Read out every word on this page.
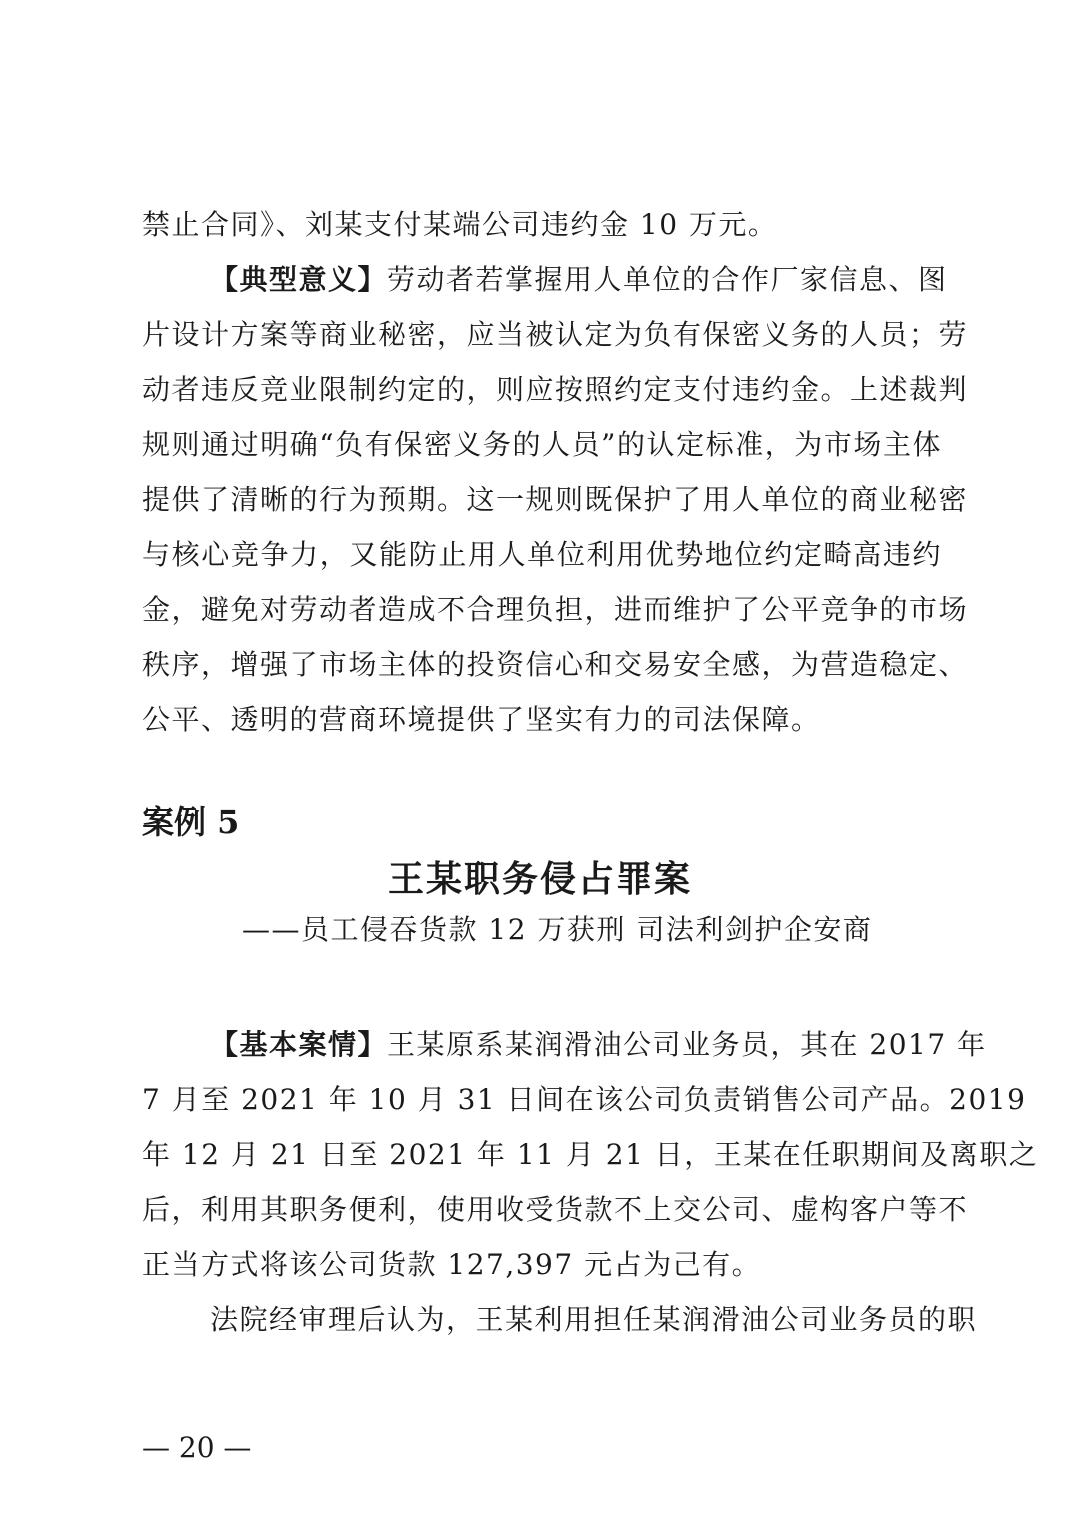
禁止合同》、刘某支付某端公司违约金 10 万元。
【典型意义】劳动者若掌握用人单位的合作厂家信息、图
片设计方案等商业秘密，应当被认定为负有保密义务的人员；劳
动者违反竞业限制约定的，则应按照约定支付违约金。上述裁判
规则通过明确“负有保密义务的人员”的认定标准，为市场主体
提供了清晰的行为预期。这一规则既保护了用人单位的商业秘密
与核心竞争力，又能防止用人单位利用优势地位约定畸高违约
金，避免对劳动者造成不合理负担，进而维护了公平竞争的市场
秩序，增强了市场主体的投资信心和交易安全感，为营造稳定、
公平、透明的营商环境提供了坚实有力的司法保障。
案例 5
王某职务侵占罪案
——员工侵吞货款 12 万获刑 司法利剑护企安商
【基本案情】王某原系某润滑油公司业务员，其在 2017 年
7 月至 2021 年 10 月 31 日间在该公司负责销售公司产品。2019
年 12 月 21 日至 2021 年 11 月 21 日，王某在任职期间及离职之
后，利用其职务便利，使用收受货款不上交公司、虚构客户等不
正当方式将该公司货款 127,397 元占为己有。
法院经审理后认为，王某利用担任某润滑油公司业务员的职
— 20 —
